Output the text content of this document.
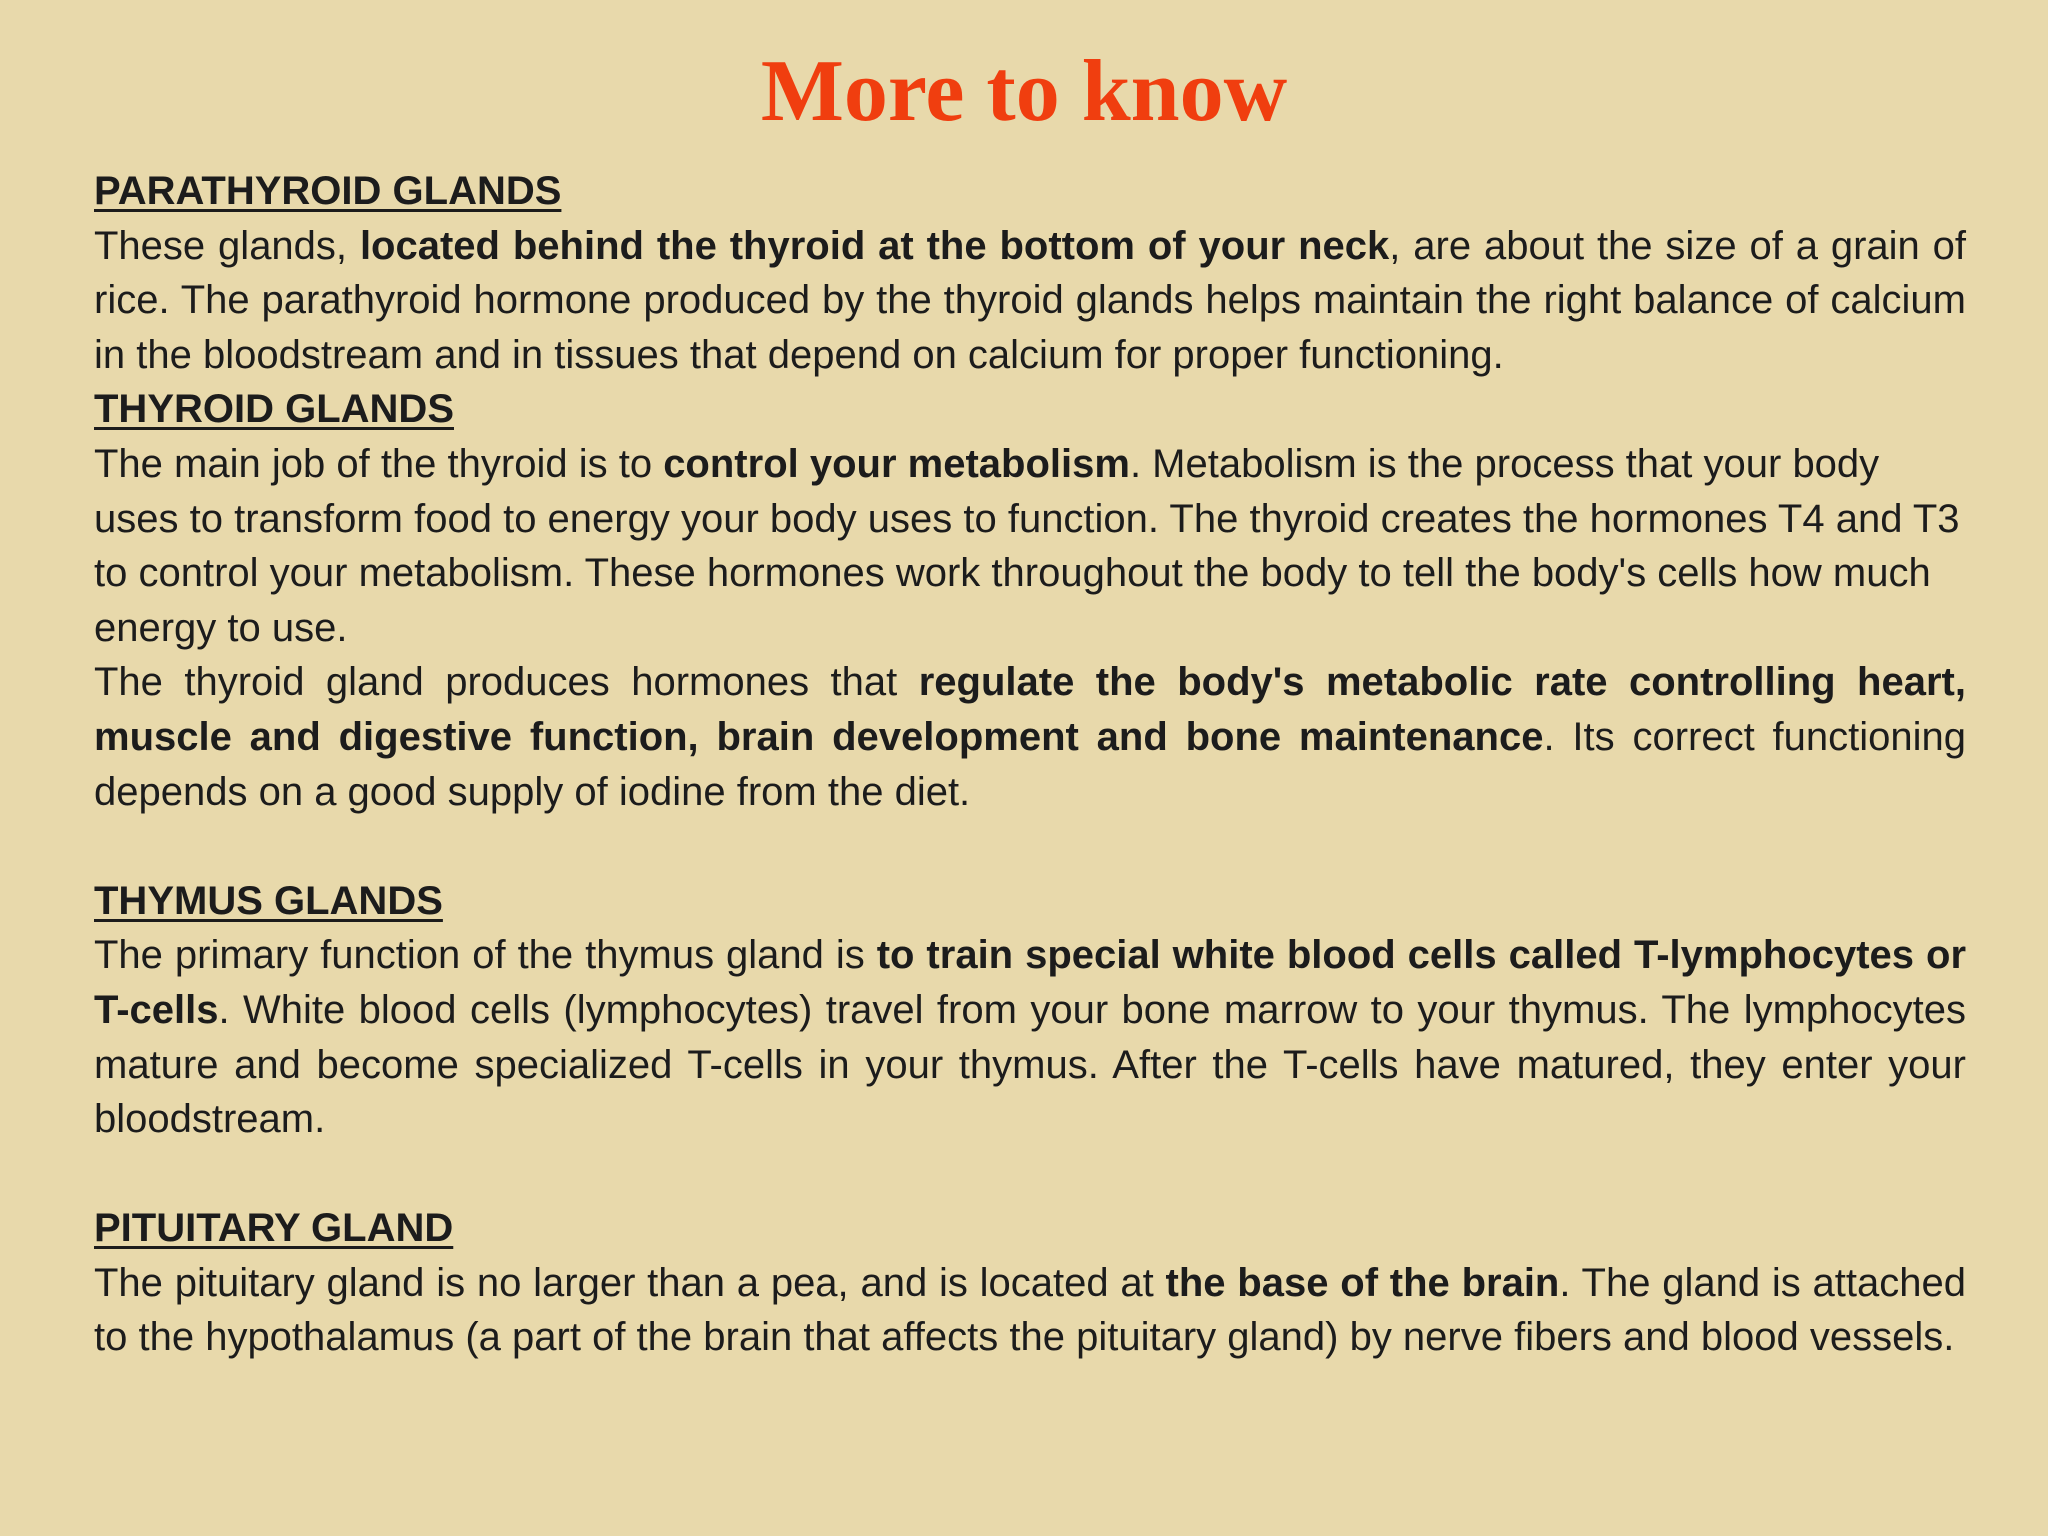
More to know
PARATHYROID GLANDS

These glands, located behind the thyroid at the bottom of your neck, are about the size of a grain of rice. The parathyroid hormone produced by the thyroid glands helps maintain the right balance of calcium in the bloodstream and in tissues that depend on calcium for proper functioning.

THYROID GLANDS

The main job of the thyroid is to control your metabolism. Metabolism is the process that your body uses to transform food to energy your body uses to function. The thyroid creates the hormones T4 and T3 to control your metabolism. These hormones work throughout the body to tell the body's cells how much energy to use.

The thyroid gland produces hormones that regulate the body's metabolic rate controlling heart, muscle and digestive function, brain development and bone maintenance. Its correct functioning depends on a good supply of iodine from the diet.

THYMUS GLANDS

The primary function of the thymus gland is to train special white blood cells called T-lymphocytes or T-cells. White blood cells (lymphocytes) travel from your bone marrow to your thymus. The lymphocytes mature and become specialized T-cells in your thymus. After the T-cells have matured, they enter your bloodstream.

PITUITARY GLAND

The pituitary gland is no larger than a pea, and is located at the base of the brain. The gland is attached to the hypothalamus (a part of the brain that affects the pituitary gland) by nerve fibers and blood vessels.
